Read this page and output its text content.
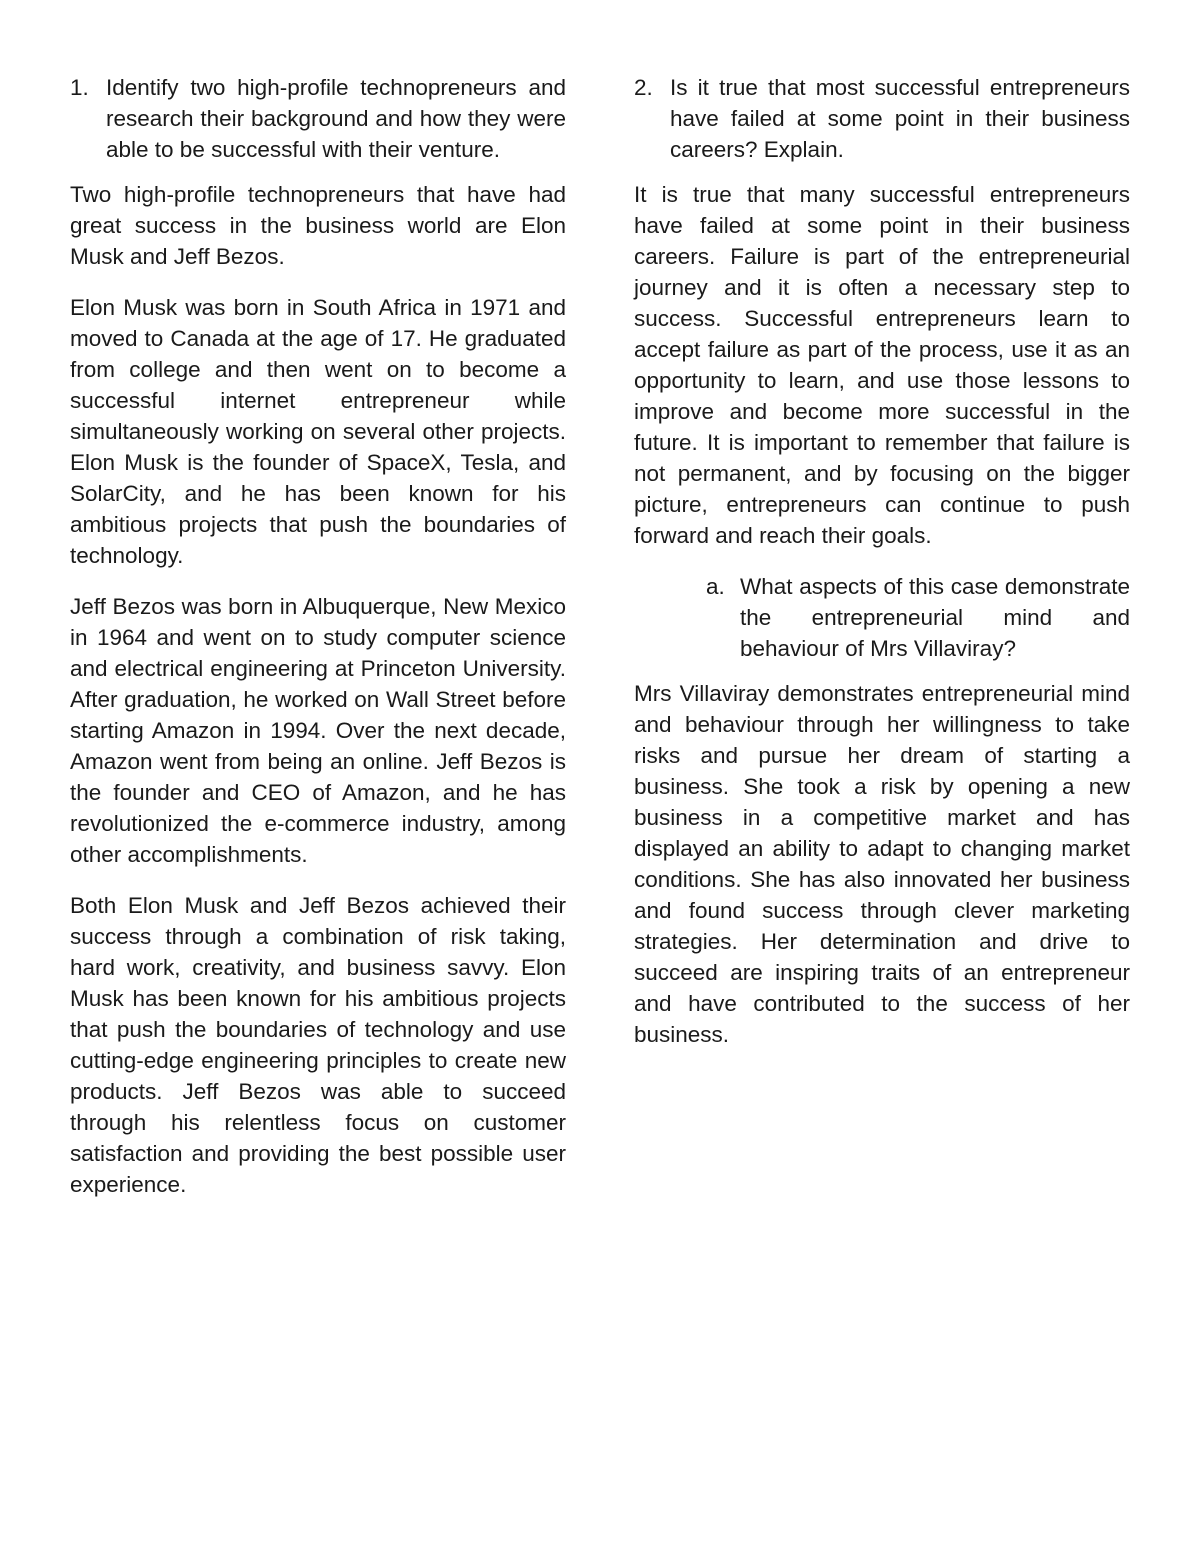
1. Identify two high-profile technopreneurs and research their background and how they were able to be successful with their venture.

Two high-profile technopreneurs that have had great success in the business world are Elon Musk and Jeff Bezos.

Elon Musk was born in South Africa in 1971 and moved to Canada at the age of 17. He graduated from college and then went on to become a successful internet entrepreneur while simultaneously working on several other projects. Elon Musk is the founder of SpaceX, Tesla, and SolarCity, and he has been known for his ambitious projects that push the boundaries of technology.

Jeff Bezos was born in Albuquerque, New Mexico in 1964 and went on to study computer science and electrical engineering at Princeton University. After graduation, he worked on Wall Street before starting Amazon in 1994. Over the next decade, Amazon went from being an online. Jeff Bezos is the founder and CEO of Amazon, and he has revolutionized the e-commerce industry, among other accomplishments.

Both Elon Musk and Jeff Bezos achieved their success through a combination of risk taking, hard work, creativity, and business savvy. Elon Musk has been known for his ambitious projects that push the boundaries of technology and use cutting-edge engineering principles to create new products. Jeff Bezos was able to succeed through his relentless focus on customer satisfaction and providing the best possible user experience.

2. Is it true that most successful entrepreneurs have failed at some point in their business careers? Explain.

It is true that many successful entrepreneurs have failed at some point in their business careers. Failure is part of the entrepreneurial journey and it is often a necessary step to success. Successful entrepreneurs learn to accept failure as part of the process, use it as an opportunity to learn, and use those lessons to improve and become more successful in the future. It is important to remember that failure is not permanent, and by focusing on the bigger picture, entrepreneurs can continue to push forward and reach their goals.

a. What aspects of this case demonstrate the entrepreneurial mind and behaviour of Mrs Villaviray?

Mrs Villaviray demonstrates entrepreneurial mind and behaviour through her willingness to take risks and pursue her dream of starting a business. She took a risk by opening a new business in a competitive market and has displayed an ability to adapt to changing market conditions. She has also innovated her business and found success through clever marketing strategies. Her determination and drive to succeed are inspiring traits of an entrepreneur and have contributed to the success of her business.
